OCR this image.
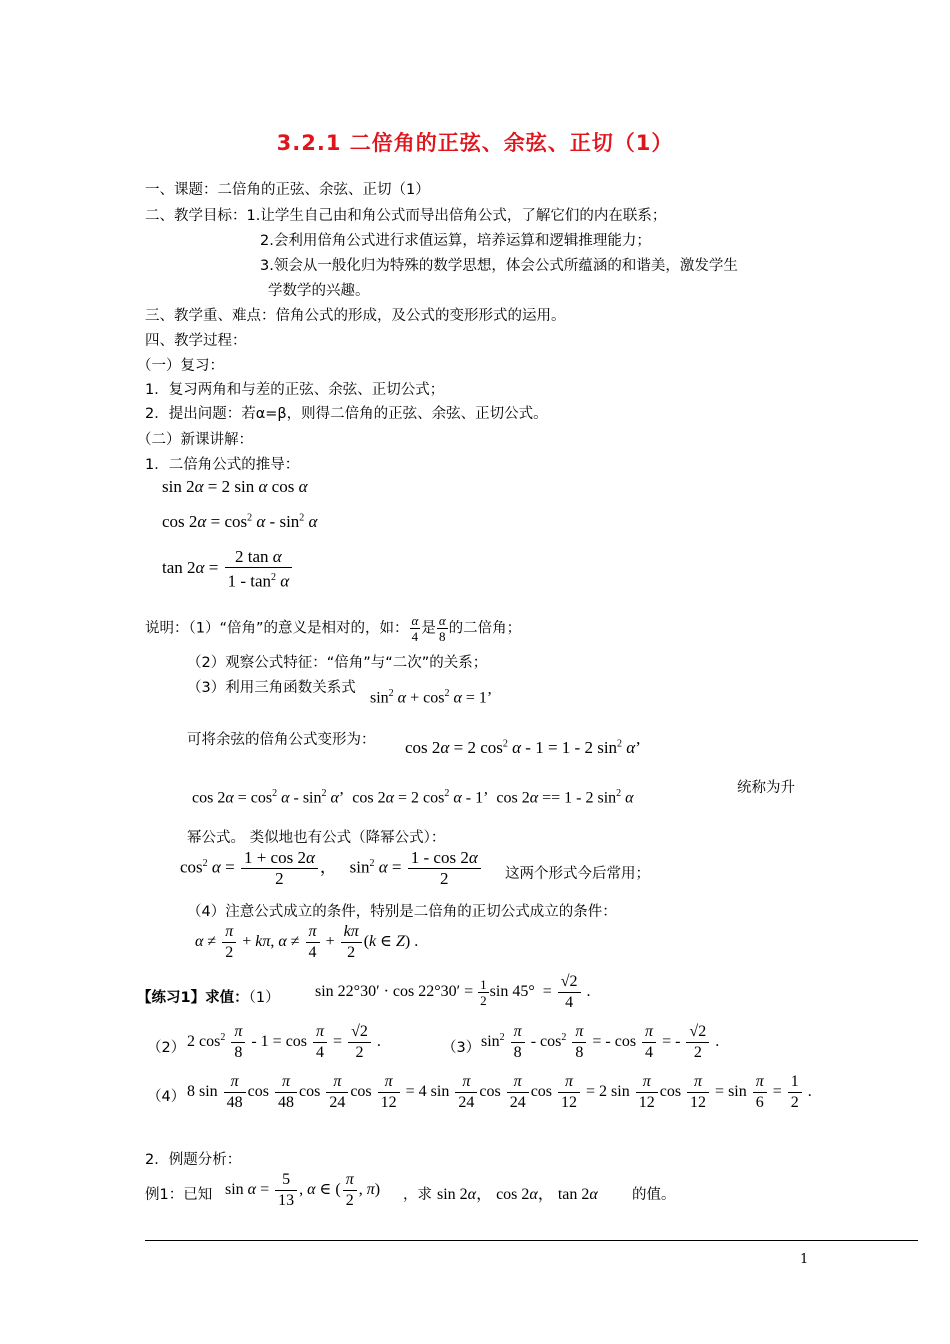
3.2.1 二倍角的正弦、余弦、正切（1）
一、课题：二倍角的正弦、余弦、正切（1）
二、教学目标：1.让学生自己由和角公式而导出倍角公式，了解它们的内在联系；
2.会利用倍角公式进行求值运算，培养运算和逻辑推理能力；
3.领会从一般化归为特殊的数学思想，体会公式所蕴涵的和谐美，激发学生
学数学的兴趣。
三、教学重、难点：倍角公式的形成，及公式的变形形式的运用。
四、教学过程：
（一）复习：
1．复习两角和与差的正弦、余弦、正切公式；
2．提出问题：若α=β，则得二倍角的正弦、余弦、正切公式。
（二）新课讲解：
1．二倍角公式的推导：
sin 2α = 2 sin α cos α
$\cos 2\alpha = \cos^2 \alpha - \sin^2 \alpha$
$\tan 2\alpha = \frac{\text{2 tan α}}{1 - \tan^2 \alpha}$
说明：（1）“倍角”的意义是相对的，如： $\frac{\alpha}{4}$ 是 $\frac{\alpha}{8}$ 的二倍角；
（2）观察公式特征：“倍角”与“二次”的关系；
（3）利用三角函数关系式
$\sin^2 \alpha + \cos^2 \alpha = 1$’
可将余弦的倍角公式变形为： cos 2α = 2 $\cos^2 \alpha - 1 = 1 - 2$ $\sin^2 \alpha$’
$\cos 2\alpha = \cos^2 \alpha - \sin^2 \alpha$’  cos 2α = 2 $\cos^2 \alpha - 1$’  cos 2α == 1 - 2 $\sin^2 \alpha$
统称为升
幂公式。 类似地也有公式（降幂公式）：
$\cos^2 \alpha = \frac{1 + \cos 2\alpha}{2}$ ，   $\sin^2 \alpha = \frac{1 - \cos 2\alpha}{2}$ 这两个形式今后常用；
（4）注意公式成立的条件，特别是二倍角的正切公式成立的条件：
$\alpha \ne \frac{\pi}{2} + k\pi$, $\alpha \ne \frac{\pi}{4} + \frac{k\pi}{2} (k$ ∈ Z) .
【练习1】求值：（1） $\sin 22^\circ 30' \cdot \cos 22^\circ 30' = \frac{1}{2}$ $\sin 45^\circ = \frac{√2}{4}$ .
（2） 2 $\cos^2 \frac{\pi}{8} - 1 = \cos \frac{\pi}{4} = \frac{√2}{2}$ .	（3） $\sin^2 \frac{\pi}{8} - \cos^2 \frac{\pi}{8}$ = - $\cos \frac{\pi}{4}$ = - $\frac{√2}{2}$ .
（4） 8 $\sin \frac{\pi}{48}$ $\cos \frac{\pi}{48}$ $\cos \frac{\pi}{24}$ $\cos \frac{\pi}{12} = 4$ $\sin \frac{\pi}{24}$ $\cos \frac{\pi}{24}$ $\cos \frac{\pi}{12} = 2$ $\sin \frac{\pi}{12}$ $\cos \frac{\pi}{12} = \sin \frac{\pi}{6} = \frac{1}{2}$ .
2．例题分析：
例1：已知 $\sin \alpha = \frac{5}{13}$ , α ∈ ( $\frac{\pi}{2}$ , π) ，求 sin 2α， cos 2α， tan 2α 的值。
1
